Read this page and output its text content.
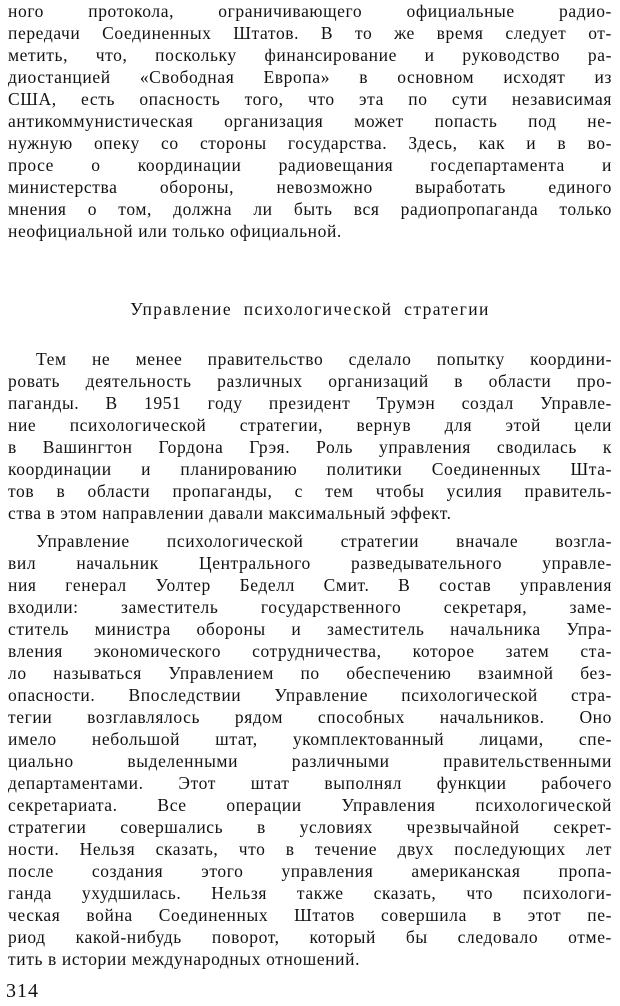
ного протокола, ограничивающего официальные радио-
передачи Соединенных Штатов. В то же время следует от-
метить, что, поскольку финансирование и руководство ра-
диостанцией «Свободная Европа» в основном исходят из
США, есть опасность того, что эта по сути независимая
антикоммунистическая организация может попасть под не-
нужную опеку со стороны государства. Здесь, как и в во-
просе о координации радиовещания госдепартамента и
министерства обороны, невозможно выработать единого
мнения о том, должна ли быть вся радиопропаганда только
неофициальной или только официальной.
Управление психологической стратегии
Тем не менее правительство сделало попытку координи-
ровать деятельность различных организаций в области про-
паганды. В 1951 году президент Трумэн создал Управле-
ние психологической стратегии, вернув для этой цели
в Вашингтон Гордона Грэя. Роль управления сводилась к
координации и планированию политики Соединенных Шта-
тов в области пропаганды, с тем чтобы усилия правитель-
ства в этом направлении давали максимальный эффект.
Управление психологической стратегии вначале возгла-
вил начальник Центрального разведывательного управле-
ния генерал Уолтер Беделл Смит. В состав управления
входили: заместитель государственного секретаря, заме-
ститель министра обороны и заместитель начальника Упра-
вления экономического сотрудничества, которое затем ста-
ло называться Управлением по обеспечению взаимной без-
опасности. Впоследствии Управление психологической стра-
тегии возглавлялось рядом способных начальников. Оно
имело небольшой штат, укомплектованный лицами, спе-
циально выделенными различными правительственными
департаментами. Этот штат выполнял функции рабочего
секретариата. Все операции Управления психологической
стратегии совершались в условиях чрезвычайной секрет-
ности. Нельзя сказать, что в течение двух последующих лет
после создания этого управления американская пропа-
ганда ухудшилась. Нельзя также сказать, что психологи-
ческая война Соединенных Штатов совершила в этот пе-
риод какой-нибудь поворот, который бы следовало отме-
тить в истории международных отношений.
314
